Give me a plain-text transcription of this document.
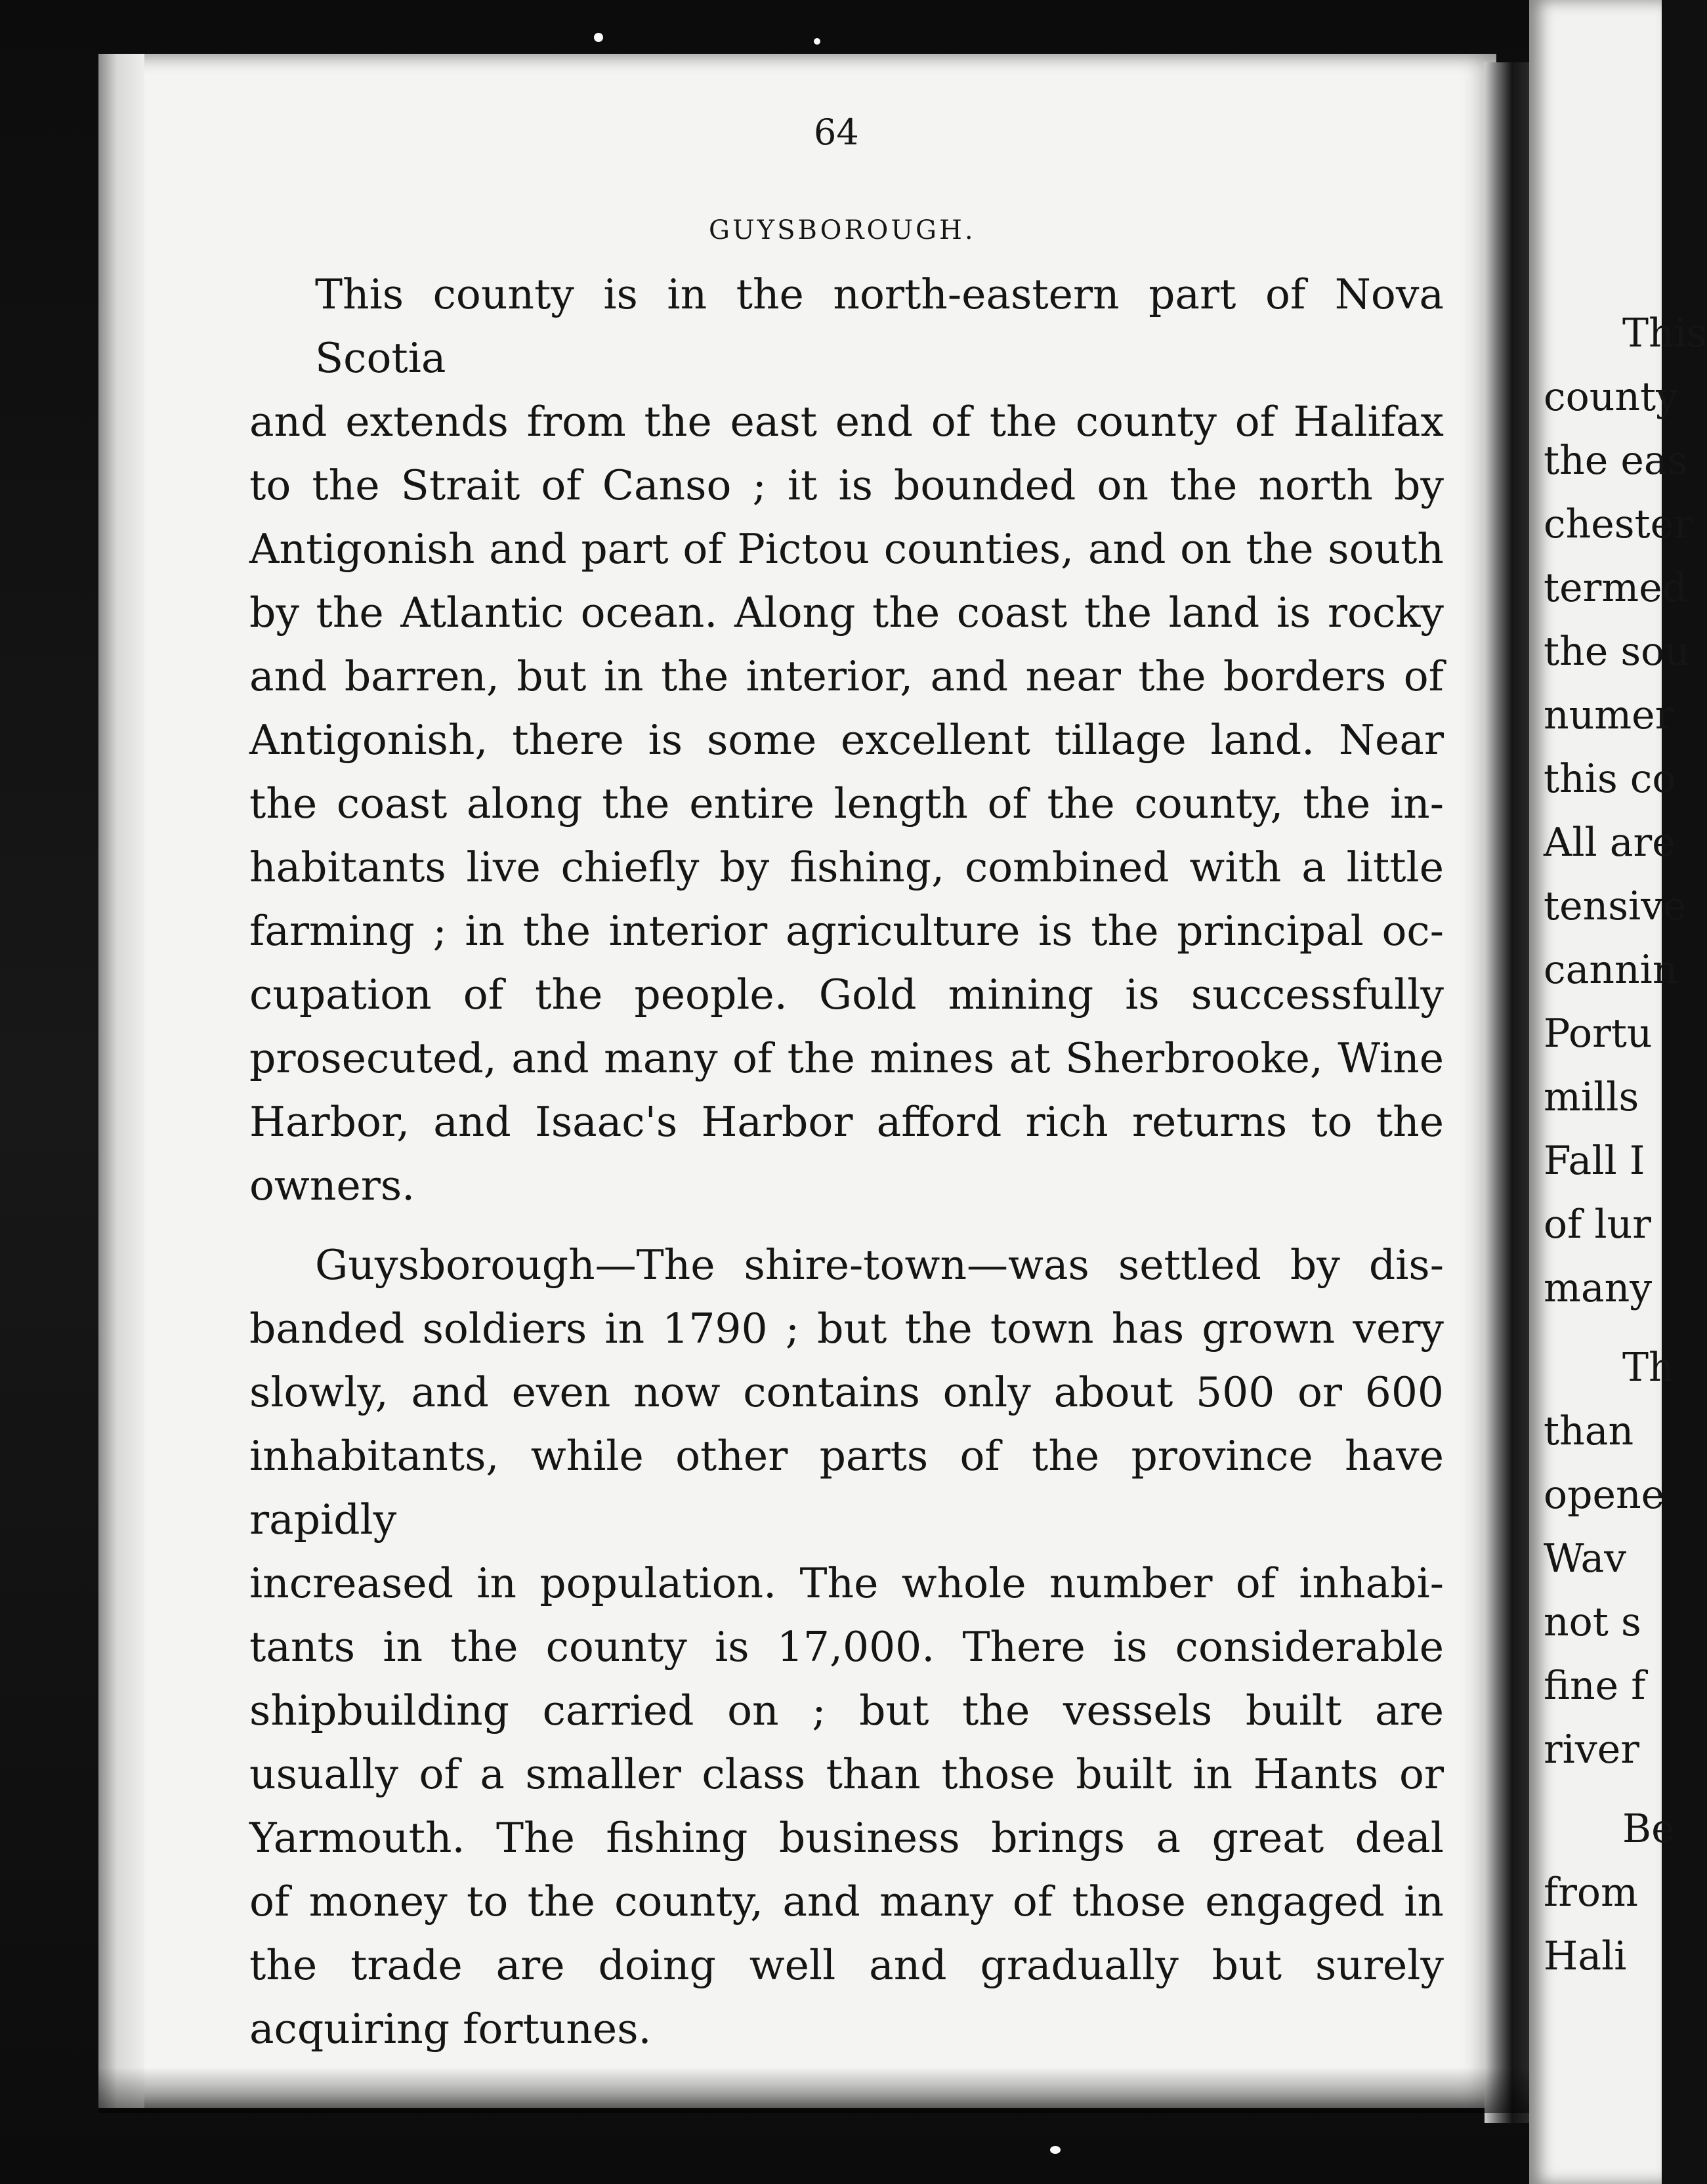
64

GUYSBOROUGH.

This county is in the north-eastern part of Nova Scotia
and extends from the east end of the county of Halifax
to the Strait of Canso ; it is bounded on the north by
Antigonish and part of Pictou counties, and on the south
by the Atlantic ocean. Along the coast the land is rocky
and barren, but in the interior, and near the borders of
Antigonish, there is some excellent tillage land. Near
the coast along the entire length of the county, the in-
habitants live chiefly by fishing, combined with a little
farming ; in the interior agriculture is the principal oc-
cupation of the people. Gold mining is successfully
prosecuted, and many of the mines at Sherbrooke, Wine
Harbor, and Isaac's Harbor afford rich returns to the
owners.

Guysborough—The shire-town—was settled by dis-
banded soldiers in 1790 ; but the town has grown very
slowly, and even now contains only about 500 or 600
inhabitants, while other parts of the province have rapidly
increased in population. The whole number of inhabi-
tants in the county is 17,000. There is considerable
shipbuilding carried on ; but the vessels built are
usually of a smaller class than those built in Hants or
Yarmouth. The fishing business brings a great deal
of money to the county, and many of those engaged in
the trade are doing well and gradually but surely
acquiring fortunes.

This
county
the eas
chester
termed
the sou
numer
this co
All are
tensive
cannin
Portu
mills
Fall I
of lur
many
Th
than
opene
Wav
not s
fine f
river
Be
from
Hali
